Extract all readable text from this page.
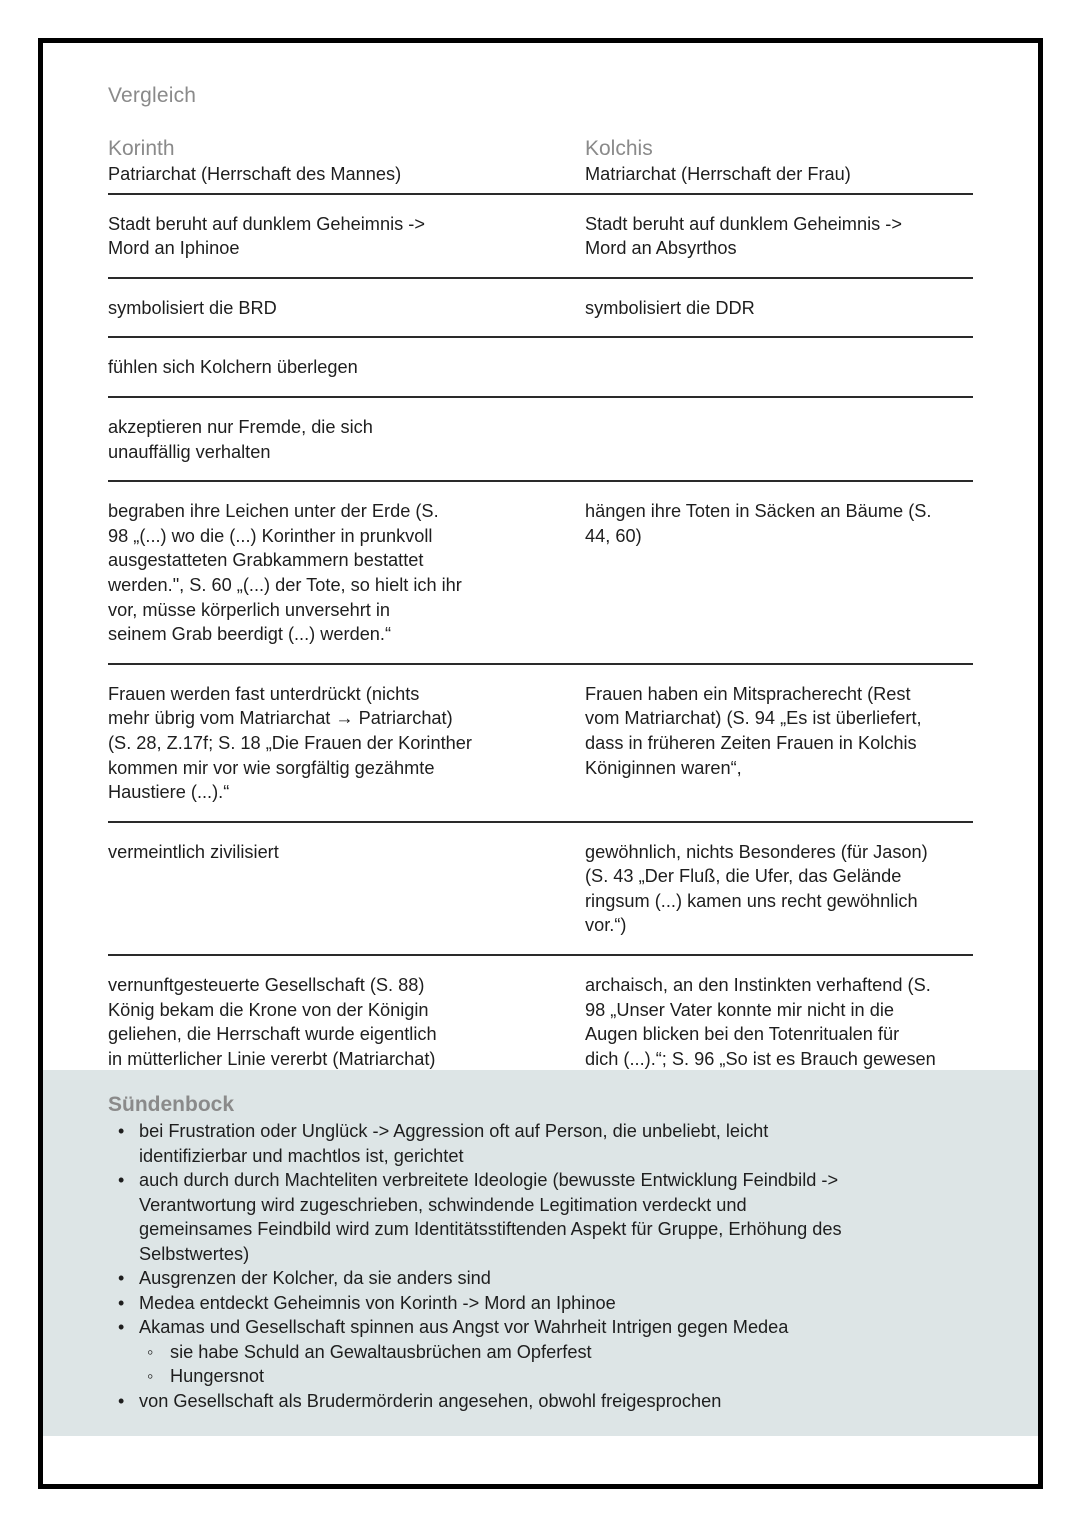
Vergleich
Korinth
Patriarchat (Herrschaft des Mannes)
Kolchis
Matriarchat (Herrschaft der Frau)
Stadt beruht auf dunklem Geheimnis ->
Mord an Iphinoe
Stadt beruht auf dunklem Geheimnis ->
Mord an Absyrthos
symbolisiert die BRD	symbolisiert die DDR
fühlen sich Kolchern überlegen
akzeptieren nur Fremde, die sich
unauffällig verhalten
begraben ihre Leichen unter der Erde (S.
98 „(...) wo die (...) Korinther in prunkvoll
ausgestatteten Grabkammern bestattet
werden.", S. 60 „(...) der Tote, so hielt ich ihr
vor, müsse körperlich unversehrt in
seinem Grab beerdigt (...) werden.“
hängen ihre Toten in Säcken an Bäume (S.
44, 60)
Frauen werden fast unterdrückt (nichts
mehr übrig vom Matriarchat → Patriarchat)
(S. 28, Z.17f; S. 18 „Die Frauen der Korinther
kommen mir vor wie sorgfältig gezähmte
Haustiere (...).“
Frauen haben ein Mitspracherecht (Rest
vom Matriarchat) (S. 94 „Es ist überliefert,
dass in früheren Zeiten Frauen in Kolchis
Königinnen waren“,
vermeintlich zivilisiert	gewöhnlich, nichts Besonderes (für Jason)
(S. 43 „Der Fluß, die Ufer, das Gelände
ringsum (...) kamen uns recht gewöhnlich
vor.“)
vernunftgesteuerte Gesellschaft (S. 88)
König bekam die Krone von der Königin
geliehen, die Herrschaft wurde eigentlich
in mütterlicher Linie vererbt (Matriarchat)
archaisch, an den Instinkten verhaftend (S.
98 „Unser Vater konnte mir nicht in die
Augen blicken bei den Totenritualen für
dich (...).“; S. 96 „So ist es Brauch gewesen

Sündenbock
• bei Frustration oder Unglück -> Aggression oft auf Person, die unbeliebt, leicht
identifizierbar und machtlos ist, gerichtet
• auch durch durch Machteliten verbreitete Ideologie (bewusste Entwicklung Feindbild ->
Verantwortung wird zugeschrieben, schwindende Legitimation verdeckt und
gemeinsames Feindbild wird zum Identitätsstiftenden Aspekt für Gruppe, Erhöhung des
Selbstwertes)
• Ausgrenzen der Kolcher, da sie anders sind
• Medea entdeckt Geheimnis von Korinth -> Mord an Iphinoe
• Akamas und Gesellschaft spinnen aus Angst vor Wahrheit Intrigen gegen Medea
◦ sie habe Schuld an Gewaltausbrüchen am Opferfest
◦ Hungersnot
• von Gesellschaft als Brudermörderin angesehen, obwohl freigesprochen
